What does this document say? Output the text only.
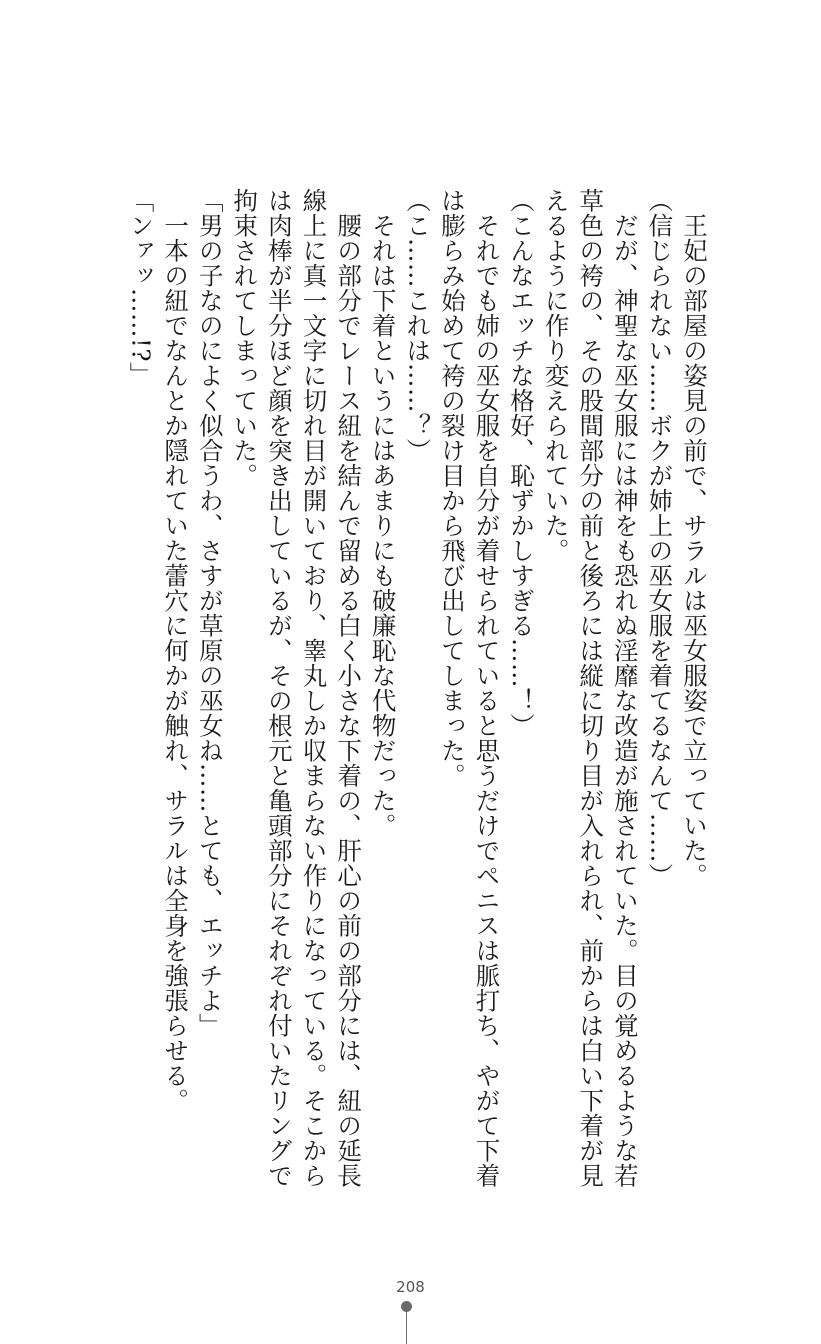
　王妃の部屋の姿見の前で、サラルは巫女服姿で立っていた。
（信じられない……ボクが姉上の巫女服を着てるなんて……）
　だが、神聖な巫女服には神をも恐れぬ淫靡な改造が施されていた。目の覚めるような若
草色の袴の、その股間部分の前と後ろには縦に切り目が入れられ、前からは白い下着が見
えるように作り変えられていた。
（こんなエッチな格好、恥ずかしすぎる……！）
　それでも姉の巫女服を自分が着せられていると思うだけでペニスは脈打ち、やがて下着
は膨らみ始めて袴の裂け目から飛び出してしまった。
（こ……これは……？）
　それは下着というにはあまりにも破廉恥な代物だった。
　腰の部分でレース紐を結んで留める白く小さな下着の、肝心の前の部分には、紐の延長
線上に真一文字に切れ目が開いており、睾丸しか収まらない作りになっている。そこから
は肉棒が半分ほど顔を突き出しているが、その根元と亀頭部分にそれぞれ付いたリングで
拘束されてしまっていた。
「男の子なのによく似合うわ、さすが草原の巫女ね……とても、エッチよ」
　一本の紐でなんとか隠れていた蕾穴に何かが触れ、サラルは全身を強張らせる。
「ンァッ……!?」
208
